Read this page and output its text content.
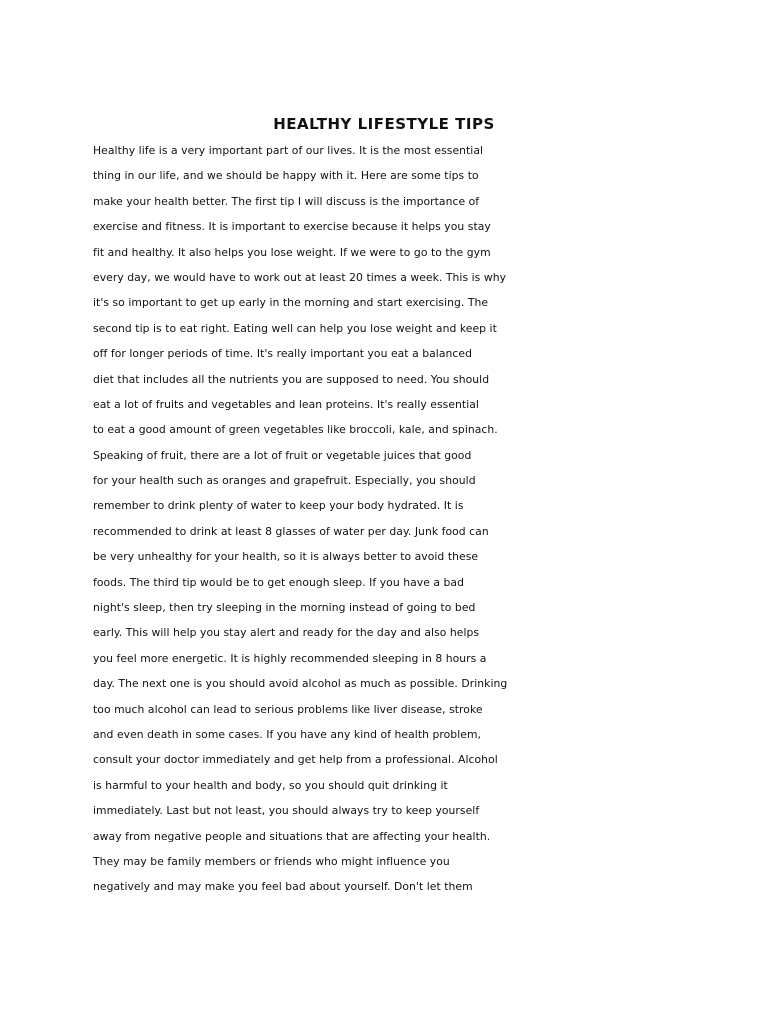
HEALTHY LIFESTYLE TIPS
Healthy life is a very important part of our lives. It is the most essential
thing in our life, and we should be happy with it. Here are some tips to
make your health better. The first tip I will discuss is the importance of
exercise and fitness. It is important to exercise because it helps you stay
fit and healthy. It also helps you lose weight. If we were to go to the gym
every day, we would have to work out at least 20 times a week. This is why
it's so important to get up early in the morning and start exercising. The
second tip is to eat right. Eating well can help you lose weight and keep it
off for longer periods of time. It's really important you eat a balanced
diet that includes all the nutrients you are supposed to need. You should
eat a lot of fruits and vegetables and lean proteins. It's really essential
to eat a good amount of green vegetables like broccoli, kale, and spinach.
Speaking of fruit, there are a lot of fruit or vegetable juices that good
for your health such as oranges and grapefruit. Especially, you should
remember to drink plenty of water to keep your body hydrated. It is
recommended to drink at least 8 glasses of water per day. Junk food can
be very unhealthy for your health, so it is always better to avoid these
foods. The third tip would be to get enough sleep. If you have a bad
night's sleep, then try sleeping in the morning instead of going to bed
early. This will help you stay alert and ready for the day and also helps
you feel more energetic. It is highly recommended sleeping in 8 hours a
day. The next one is you should avoid alcohol as much as possible. Drinking
too much alcohol can lead to serious problems like liver disease, stroke
and even death in some cases. If you have any kind of health problem,
consult your doctor immediately and get help from a professional. Alcohol
is harmful to your health and body, so you should quit drinking it
immediately. Last but not least, you should always try to keep yourself
away from negative people and situations that are affecting your health.
They may be family members or friends who might influence you
negatively and may make you feel bad about yourself. Don't let them
